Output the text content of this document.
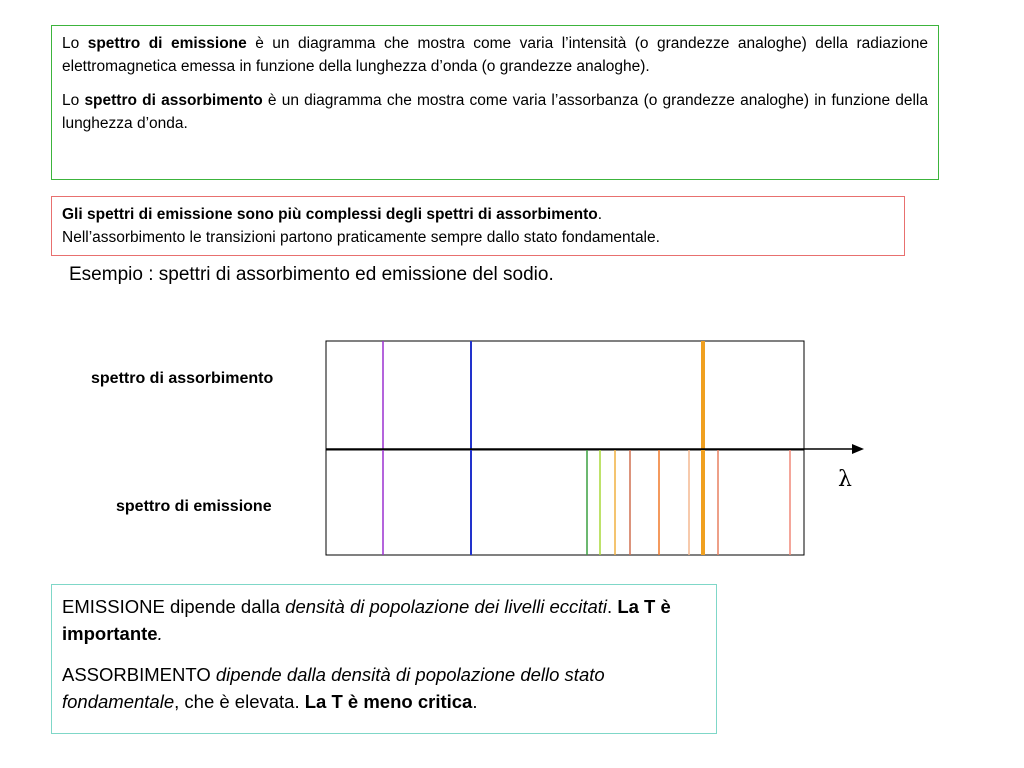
Lo spettro di emissione è un diagramma che mostra come varia l’intensità (o grandezze analoghe) della radiazione elettromagnetica emessa in funzione della lunghezza d’onda (o grandezze analoghe).

Lo spettro di assorbimento è un diagramma che mostra come varia l’assorbanza (o grandezze analoghe) in funzione della lunghezza d’onda.

Gli spettri di emissione sono più complessi degli spettri di assorbimento.
Nell’assorbimento le transizioni partono praticamente sempre dallo stato fondamentale.
Esempio : spettri di assorbimento ed emissione del sodio.
spettro di assorbimento
spettro di emissione
λ

EMISSIONE dipende dalla densità di popolazione dei livelli eccitati. La T è importante.

ASSORBIMENTO dipende dalla densità di popolazione dello stato fondamentale, che è elevata. La T è meno critica.
